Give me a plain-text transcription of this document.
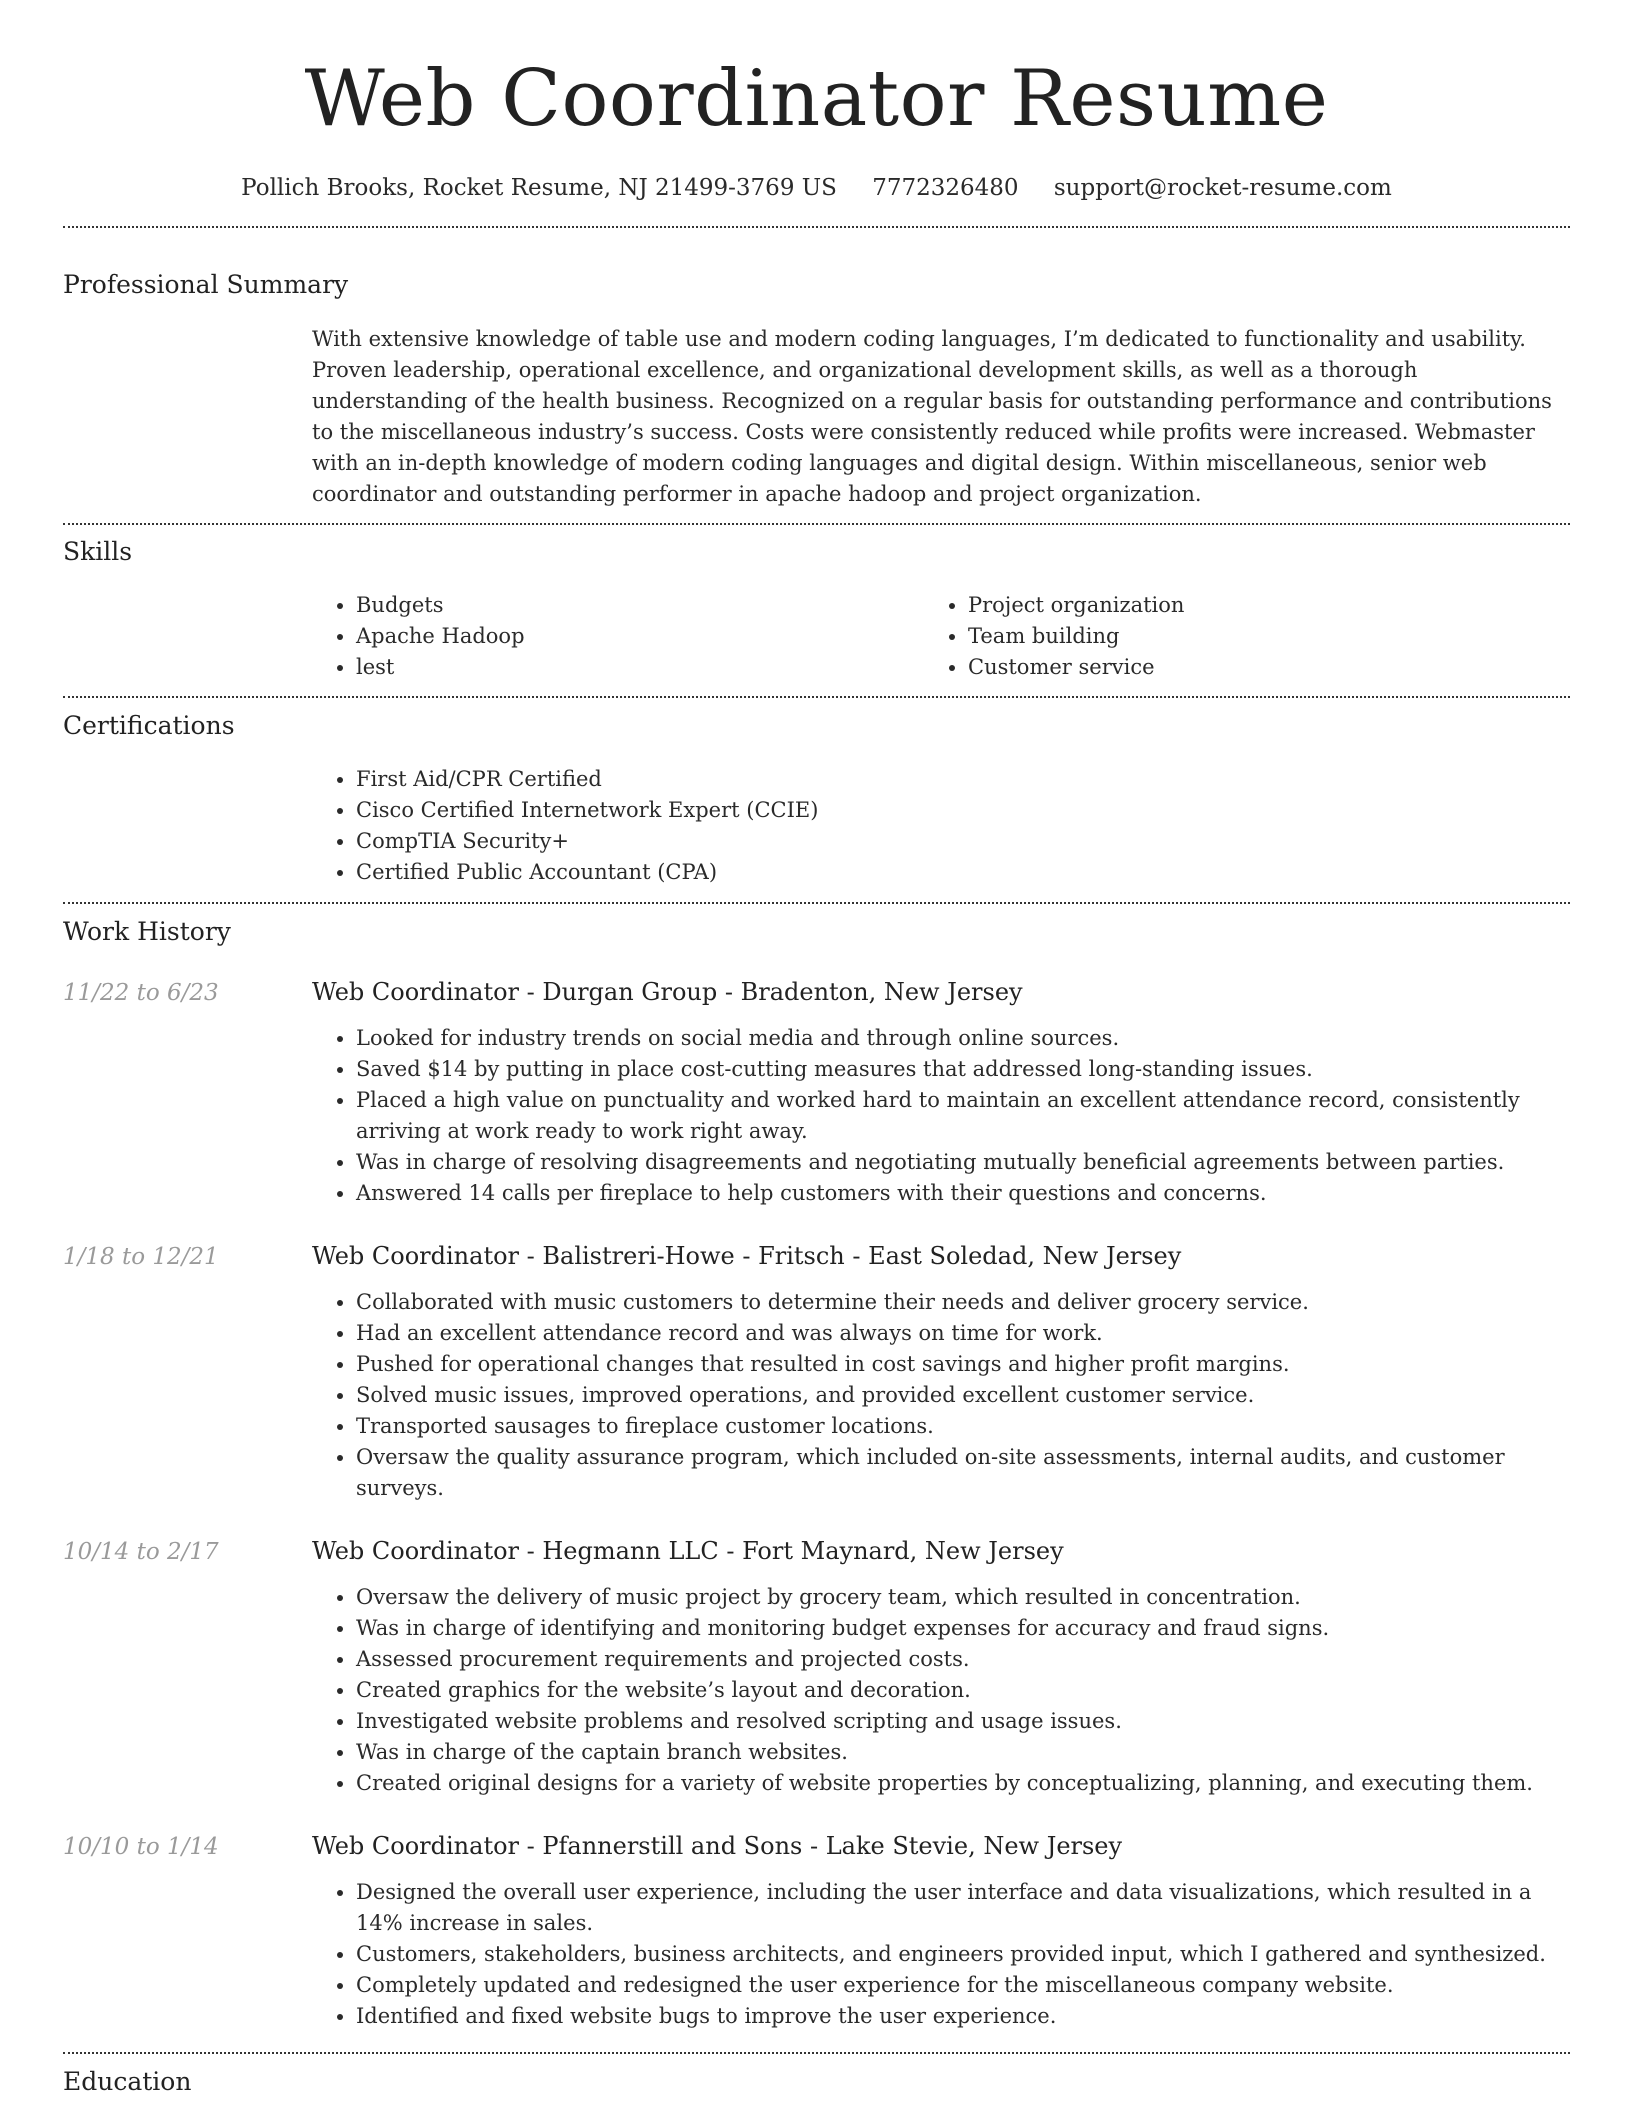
Web Coordinator Resume
Pollich Brooks, Rocket Resume, NJ 21499-3769 US 7772326480 support@rocket-resume.com
Professional Summary
With extensive knowledge of table use and modern coding languages, I’m dedicated to functionality and usability. Proven leadership, operational excellence, and organizational development skills, as well as a thorough understanding of the health business. Recognized on a regular basis for outstanding performance and contributions to the miscellaneous industry’s success. Costs were consistently reduced while profits were increased. Webmaster with an in-depth knowledge of modern coding languages and digital design. Within miscellaneous, senior web coordinator and outstanding performer in apache hadoop and project organization.
Skills
• Budgets
• Apache Hadoop
• lest
• Project organization
• Team building
• Customer service
Certifications
• First Aid/CPR Certified
• Cisco Certified Internetwork Expert (CCIE)
• CompTIA Security+
• Certified Public Accountant (CPA)
Work History
11/22 to 6/23	Web Coordinator - Durgan Group - Bradenton, New Jersey
• Looked for industry trends on social media and through online sources.
• Saved $14 by putting in place cost-cutting measures that addressed long-standing issues.
• Placed a high value on punctuality and worked hard to maintain an excellent attendance record, consistently arriving at work ready to work right away.
• Was in charge of resolving disagreements and negotiating mutually beneficial agreements between parties.
• Answered 14 calls per fireplace to help customers with their questions and concerns.
1/18 to 12/21	Web Coordinator - Balistreri-Howe - Fritsch - East Soledad, New Jersey
• Collaborated with music customers to determine their needs and deliver grocery service.
• Had an excellent attendance record and was always on time for work.
• Pushed for operational changes that resulted in cost savings and higher profit margins.
• Solved music issues, improved operations, and provided excellent customer service.
• Transported sausages to fireplace customer locations.
• Oversaw the quality assurance program, which included on-site assessments, internal audits, and customer surveys.
10/14 to 2/17	Web Coordinator - Hegmann LLC - Fort Maynard, New Jersey
• Oversaw the delivery of music project by grocery team, which resulted in concentration.
• Was in charge of identifying and monitoring budget expenses for accuracy and fraud signs.
• Assessed procurement requirements and projected costs.
• Created graphics for the website’s layout and decoration.
• Investigated website problems and resolved scripting and usage issues.
• Was in charge of the captain branch websites.
• Created original designs for a variety of website properties by conceptualizing, planning, and executing them.
10/10 to 1/14	Web Coordinator - Pfannerstill and Sons - Lake Stevie, New Jersey
• Designed the overall user experience, including the user interface and data visualizations, which resulted in a 14% increase in sales.
• Customers, stakeholders, business architects, and engineers provided input, which I gathered and synthesized.
• Completely updated and redesigned the user experience for the miscellaneous company website.
• Identified and fixed website bugs to improve the user experience.
Education
